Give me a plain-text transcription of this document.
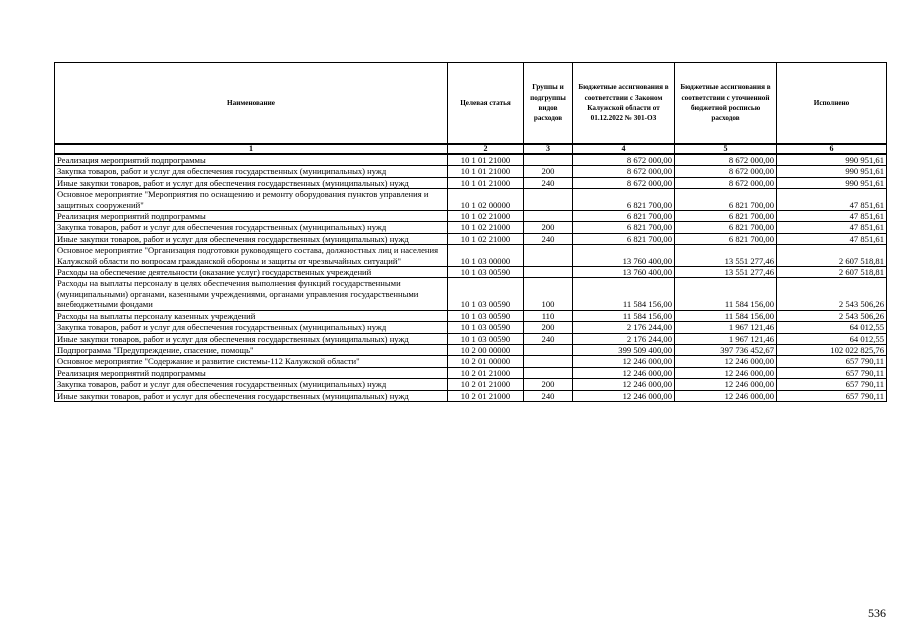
Наименование	Целевая статья	Группы и подгруппы видов расходов	Бюджетные ассигнования в соответствии с Законом Калужской области от 01.12.2022 № 301-ОЗ	Бюджетные ассигнования в соответствии с уточненной бюджетной росписью расходов	Исполнено
1	2	3	4	5	6
Реализация мероприятий подпрограммы	10 1 01 21000		8 672 000,00	8 672 000,00	990 951,61
Закупка товаров, работ и услуг для обеспечения государственных (муниципальных) нужд	10 1 01 21000	200	8 672 000,00	8 672 000,00	990 951,61
Иные закупки товаров, работ и услуг для обеспечения государственных (муниципальных) нужд	10 1 01 21000	240	8 672 000,00	8 672 000,00	990 951,61
Основное мероприятие "Мероприятия по оснащению и ремонту оборудования пунктов управления и защитных сооружений"	10 1 02 00000		6 821 700,00	6 821 700,00	47 851,61
Реализация мероприятий подпрограммы	10 1 02 21000		6 821 700,00	6 821 700,00	47 851,61
Закупка товаров, работ и услуг для обеспечения государственных (муниципальных) нужд	10 1 02 21000	200	6 821 700,00	6 821 700,00	47 851,61
Иные закупки товаров, работ и услуг для обеспечения государственных (муниципальных) нужд	10 1 02 21000	240	6 821 700,00	6 821 700,00	47 851,61
Основное мероприятие "Организация подготовки руководящего состава, должностных лиц и населения Калужской области по вопросам гражданской обороны и защиты от чрезвычайных ситуаций"	10 1 03 00000		13 760 400,00	13 551 277,46	2 607 518,81
Расходы на обеспечение деятельности (оказание услуг) государственных учреждений	10 1 03 00590		13 760 400,00	13 551 277,46	2 607 518,81
Расходы на выплаты персоналу в целях обеспечения выполнения функций государственными (муниципальными) органами, казенными учреждениями, органами управления государственными внебюджетными фондами	10 1 03 00590	100	11 584 156,00	11 584 156,00	2 543 506,26
Расходы на выплаты персоналу казенных учреждений	10 1 03 00590	110	11 584 156,00	11 584 156,00	2 543 506,26
Закупка товаров, работ и услуг для обеспечения государственных (муниципальных) нужд	10 1 03 00590	200	2 176 244,00	1 967 121,46	64 012,55
Иные закупки товаров, работ и услуг для обеспечения государственных (муниципальных) нужд	10 1 03 00590	240	2 176 244,00	1 967 121,46	64 012,55
Подпрограмма "Предупреждение, спасение, помощь"	10 2 00 00000		399 509 400,00	397 736 452,67	102 022 825,76
Основное мероприятие "Содержание и развитие системы-112 Калужской области"	10 2 01 00000		12 246 000,00	12 246 000,00	657 790,11
Реализация мероприятий подпрограммы	10 2 01 21000		12 246 000,00	12 246 000,00	657 790,11
Закупка товаров, работ и услуг для обеспечения государственных (муниципальных) нужд	10 2 01 21000	200	12 246 000,00	12 246 000,00	657 790,11
Иные закупки товаров, работ и услуг для обеспечения государственных (муниципальных) нужд	10 2 01 21000	240	12 246 000,00	12 246 000,00	657 790,11
536
